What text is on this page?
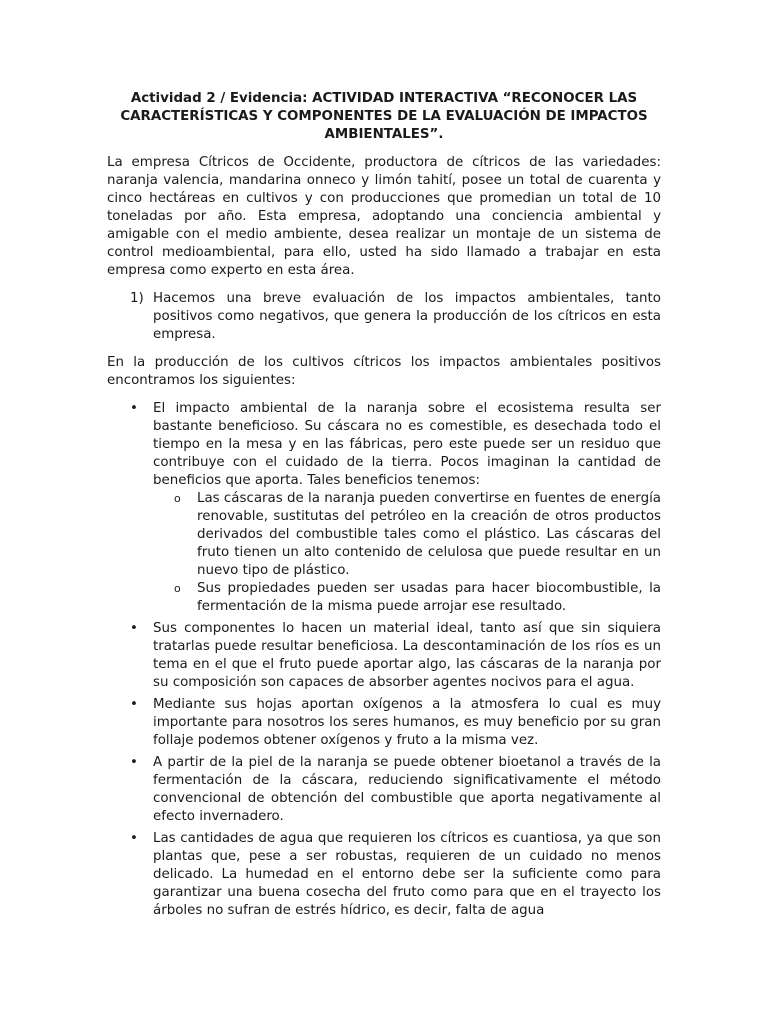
Actividad 2 / Evidencia: ACTIVIDAD INTERACTIVA “RECONOCER LAS CARACTERÍSTICAS Y COMPONENTES DE LA EVALUACIÓN DE IMPACTOS AMBIENTALES”.

La empresa Cítricos de Occidente, productora de cítricos de las variedades: naranja valencia, mandarina onneco y limón tahití, posee un total de cuarenta y cinco hectáreas en cultivos y con producciones que promedian un total de 10 toneladas por año. Esta empresa, adoptando una conciencia ambiental y amigable con el medio ambiente, desea realizar un montaje de un sistema de control medioambiental, para ello, usted ha sido llamado a trabajar en esta empresa como experto en esta área.

1) Hacemos una breve evaluación de los impactos ambientales, tanto positivos como negativos, que genera la producción de los cítricos en esta empresa.

En la producción de los cultivos cítricos los impactos ambientales positivos encontramos los siguientes:

• El impacto ambiental de la naranja sobre el ecosistema resulta ser bastante beneficioso. Su cáscara no es comestible, es desechada todo el tiempo en la mesa y en las fábricas, pero este puede ser un residuo que contribuye con el cuidado de la tierra. Pocos imaginan la cantidad de beneficios que aporta. Tales beneficios tenemos:
o Las cáscaras de la naranja pueden convertirse en fuentes de energía renovable, sustitutas del petróleo en la creación de otros productos derivados del combustible tales como el plástico. Las cáscaras del fruto tienen un alto contenido de celulosa que puede resultar en un nuevo tipo de plástico.
o Sus propiedades pueden ser usadas para hacer biocombustible, la fermentación de la misma puede arrojar ese resultado.
• Sus componentes lo hacen un material ideal, tanto así que sin siquiera tratarlas puede resultar beneficiosa. La descontaminación de los ríos es un tema en el que el fruto puede aportar algo, las cáscaras de la naranja por su composición son capaces de absorber agentes nocivos para el agua.
• Mediante sus hojas aportan oxígenos a la atmosfera lo cual es muy importante para nosotros los seres humanos, es muy beneficio por su gran follaje podemos obtener oxígenos y fruto a la misma vez.
• A partir de la piel de la naranja se puede obtener bioetanol a través de la fermentación de la cáscara, reduciendo significativamente el método convencional de obtención del combustible que aporta negativamente al efecto invernadero.
• Las cantidades de agua que requieren los cítricos es cuantiosa, ya que son plantas que, pese a ser robustas, requieren de un cuidado no menos delicado. La humedad en el entorno debe ser la suficiente como para garantizar una buena cosecha del fruto como para que en el trayecto los árboles no sufran de estrés hídrico, es decir, falta de agua
